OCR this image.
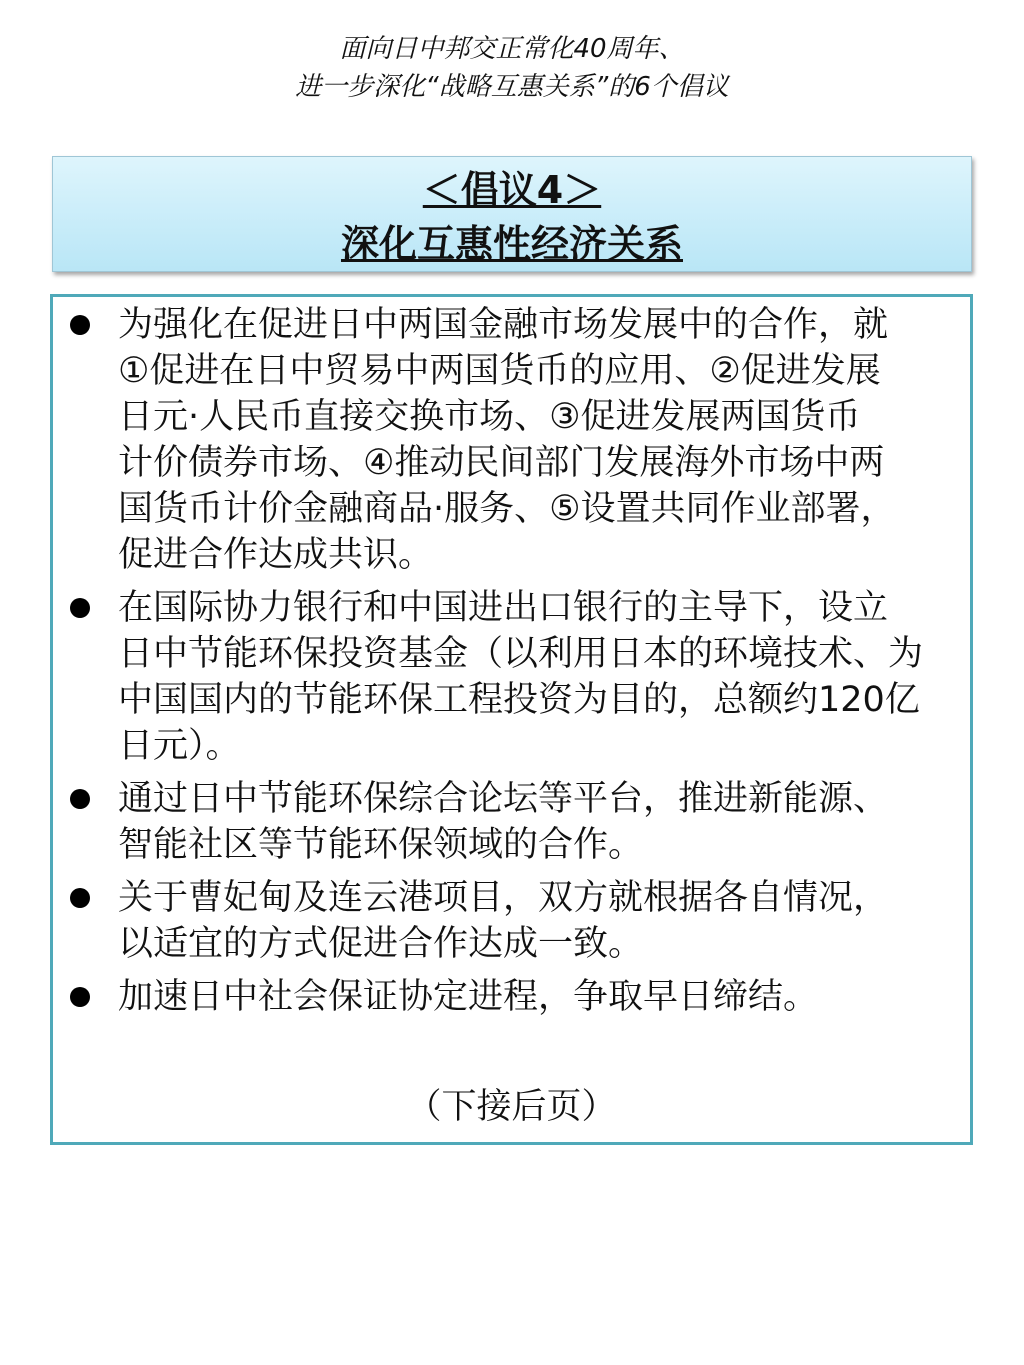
面向日中邦交正常化40周年、
进一步深化“战略互惠关系”的6个倡议
＜倡议4＞
深化互惠性经济关系
为强化在促进日中两国金融市场发展中的合作，就
①促进在日中贸易中两国货币的应用、②促进发展
日元·人民币直接交换市场、③促进发展两国货币
计价债券市场、④推动民间部门发展海外市场中两
国货币计价金融商品·服务、⑤设置共同作业部署，
促进合作达成共识。
在国际协力银行和中国进出口银行的主导下，设立
日中节能环保投资基金（以利用日本的环境技术、为
中国国内的节能环保工程投资为目的，总额约120亿
日元）。
通过日中节能环保综合论坛等平台，推进新能源、
智能社区等节能环保领域的合作。
关于曹妃甸及连云港项目，双方就根据各自情况，
以适宜的方式促进合作达成一致。
加速日中社会保证协定进程，争取早日缔结。
（下接后页）
